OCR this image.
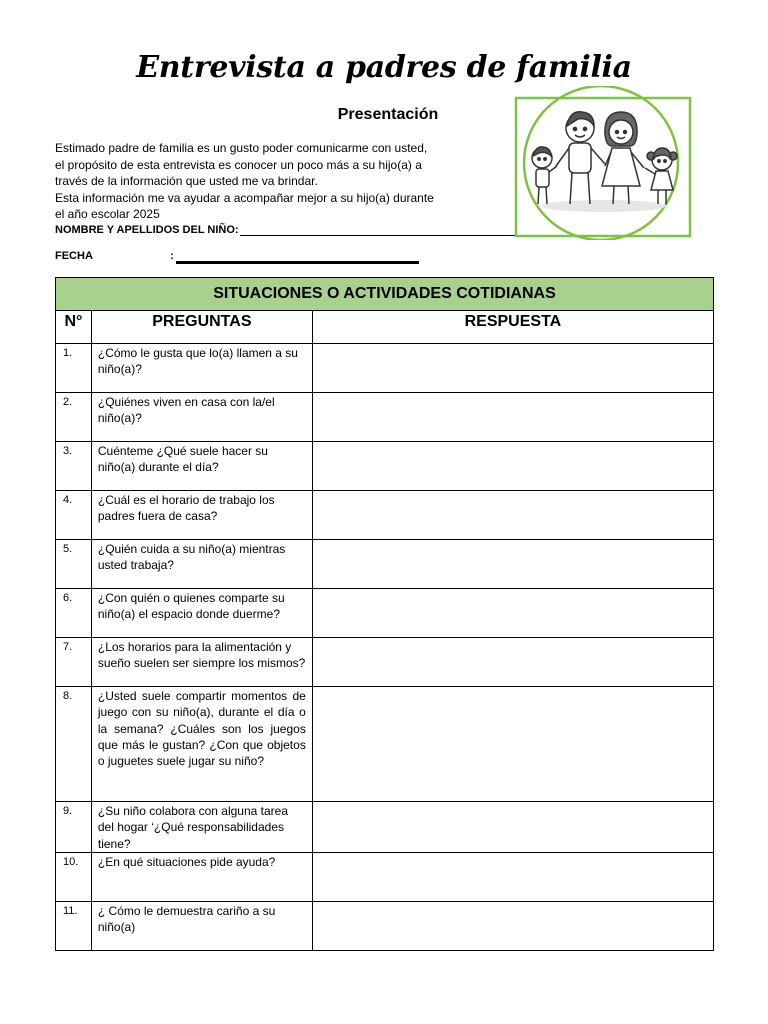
Entrevista a padres de familia
Presentación

Estimado padre de familia es un gusto poder comunicarme con usted,

el propósito de esta entrevista es conocer un poco más a su hijo(a) a

través de la información que usted me va brindar.

Esta información me va ayudar a acompañar mejor a su hijo(a) durante

el año escolar 2025

NOMBRE Y APELLIDOS DEL NIÑO:
FECHA	:
SITUACIONES O ACTIVIDADES COTIDIANAS		
N°	PREGUNTAS	RESPUESTA
1.	¿Cómo le gusta que lo(a) llamen a su niño(a)?	
2.	¿Quiénes viven en casa con la/el niño(a)?	
3.	Cuénteme ¿Qué suele hacer su niño(a) durante el día?	
4.	¿Cuál es el horario de trabajo los padres fuera de casa?	
5.	¿Quién cuida a su niño(a) mientras usted trabaja?	
6.	¿Con quién o quienes comparte su niño(a) el espacio donde duerme?	
7.	¿Los horarios para la alimentación y sueño suelen ser siempre los mismos?	
8.	¿Usted suele compartir momentos de juego con su niño(a), durante el día o la semana? ¿Cuáles son los juegos que más le gustan? ¿Con que objetos o juguetes suele jugar su niño?	
9.	¿Su niño colabora con alguna tarea del hogar ‘¿Qué responsabilidades tiene?	
10.	¿En qué situaciones pide ayuda?	
11.	¿ Cómo le demuestra cariño a su niño(a)	
